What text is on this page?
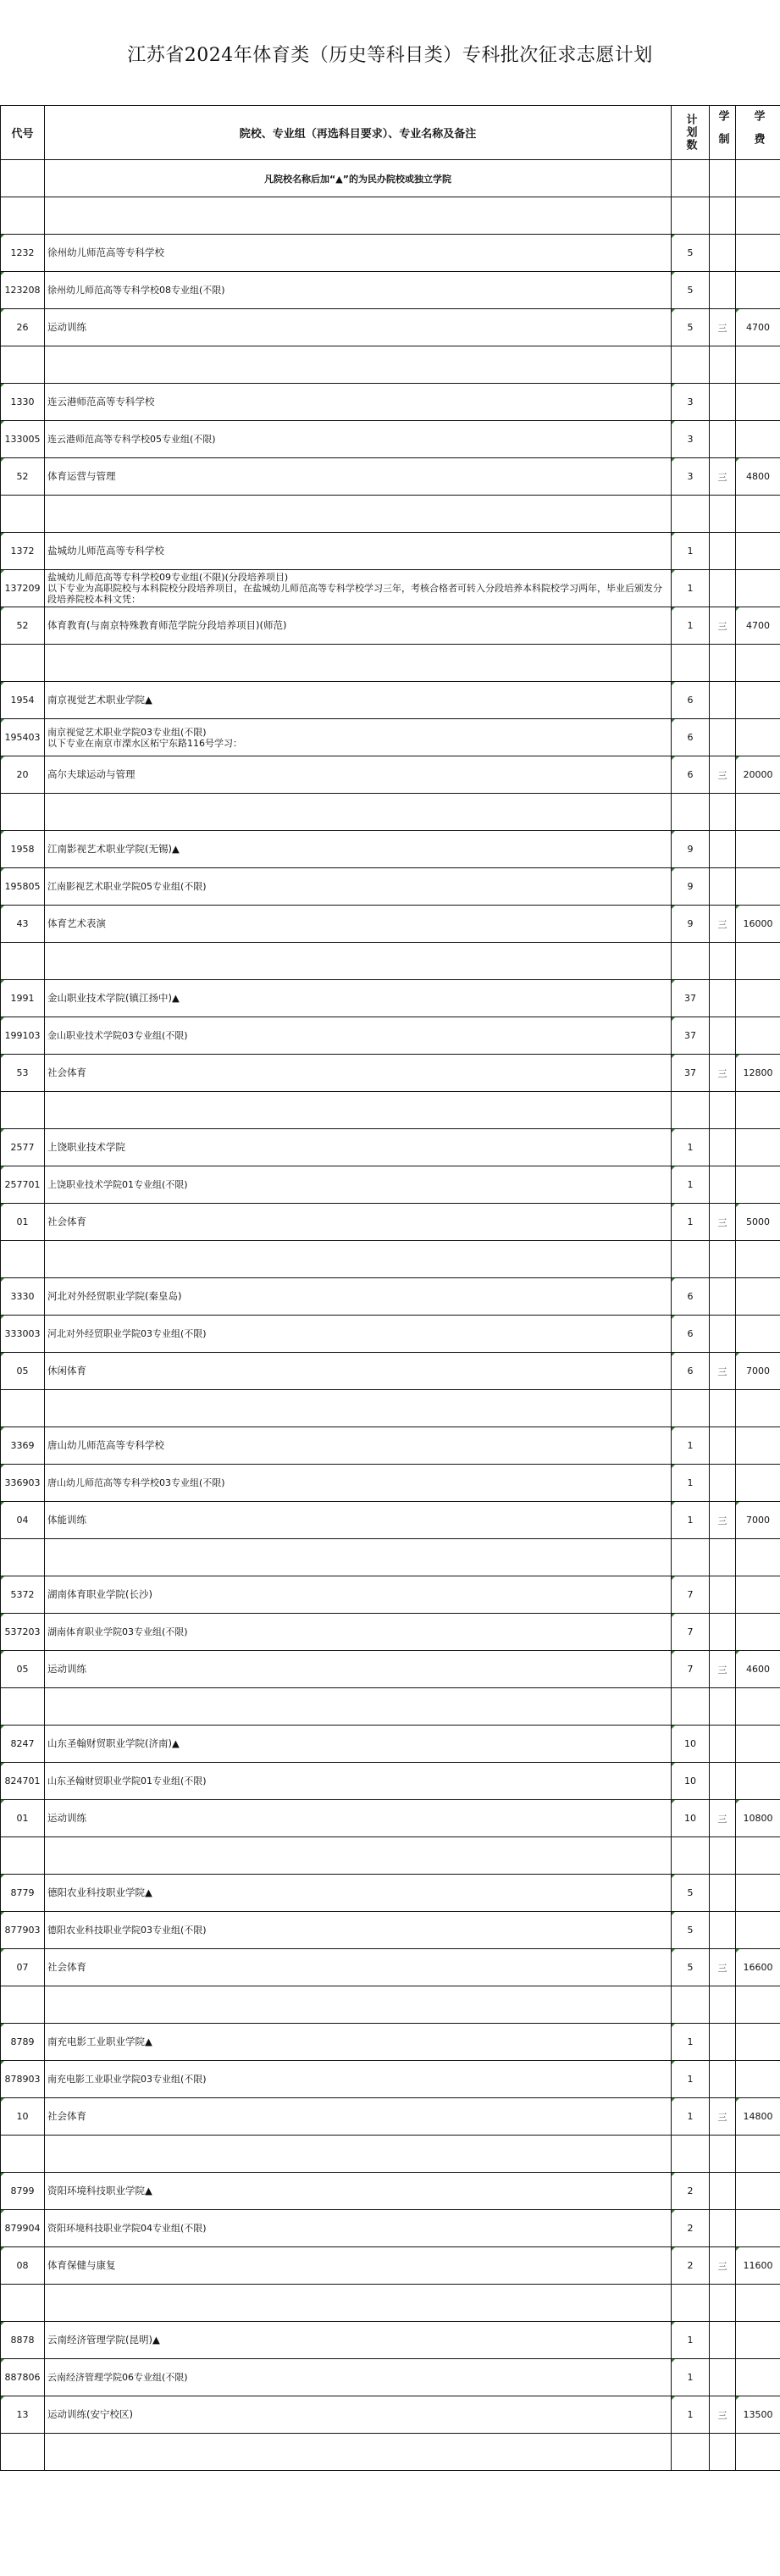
江苏省2024年体育类（历史等科目类）专科批次征求志愿计划
代号	院校、专业组（再选科目要求）、专业名称及备注	计划数	学制	学费
	凡院校名称后加“▲”的为民办院校或独立学院			

1232	徐州幼儿师范高等专科学校	5		
123208	徐州幼儿师范高等专科学校08专业组(不限)	5		
26	运动训练	5	三	4700

1330	连云港师范高等专科学校	3		
133005	连云港师范高等专科学校05专业组(不限)	3		
52	体育运营与管理	3	三	4800

1372	盐城幼儿师范高等专科学校	1		
137209	盐城幼儿师范高等专科学校09专业组(不限)(分段培养项目)
以下专业为高职院校与本科院校分段培养项目，在盐城幼儿师范高等专科学校学习三年，考核合格者可转入分段培养本科院校学习两年，毕业后颁发分段培养院校本科文凭：	1		
52	体育教育(与南京特殊教育师范学院分段培养项目)(师范)	1	三	4700

1954	南京视觉艺术职业学院▲	6		
195403	南京视觉艺术职业学院03专业组(不限)
以下专业在南京市溧水区柘宁东路116号学习：	6		
20	高尔夫球运动与管理	6	三	20000

1958	江南影视艺术职业学院(无锡)▲	9		
195805	江南影视艺术职业学院05专业组(不限)	9		
43	体育艺术表演	9	三	16000

1991	金山职业技术学院(镇江扬中)▲	37		
199103	金山职业技术学院03专业组(不限)	37		
53	社会体育	37	三	12800

2577	上饶职业技术学院	1		
257701	上饶职业技术学院01专业组(不限)	1		
01	社会体育	1	三	5000

3330	河北对外经贸职业学院(秦皇岛)	6		
333003	河北对外经贸职业学院03专业组(不限)	6		
05	休闲体育	6	三	7000

3369	唐山幼儿师范高等专科学校	1		
336903	唐山幼儿师范高等专科学校03专业组(不限)	1		
04	体能训练	1	三	7000

5372	湖南体育职业学院(长沙)	7		
537203	湖南体育职业学院03专业组(不限)	7		
05	运动训练	7	三	4600

8247	山东圣翰财贸职业学院(济南)▲	10		
824701	山东圣翰财贸职业学院01专业组(不限)	10		
01	运动训练	10	三	10800

8779	德阳农业科技职业学院▲	5		
877903	德阳农业科技职业学院03专业组(不限)	5		
07	社会体育	5	三	16600

8789	南充电影工业职业学院▲	1		
878903	南充电影工业职业学院03专业组(不限)	1		
10	社会体育	1	三	14800

8799	资阳环境科技职业学院▲	2		
879904	资阳环境科技职业学院04专业组(不限)	2		
08	体育保健与康复	2	三	11600

8878	云南经济管理学院(昆明)▲	1		
887806	云南经济管理学院06专业组(不限)	1		
13	运动训练(安宁校区)	1	三	13500
